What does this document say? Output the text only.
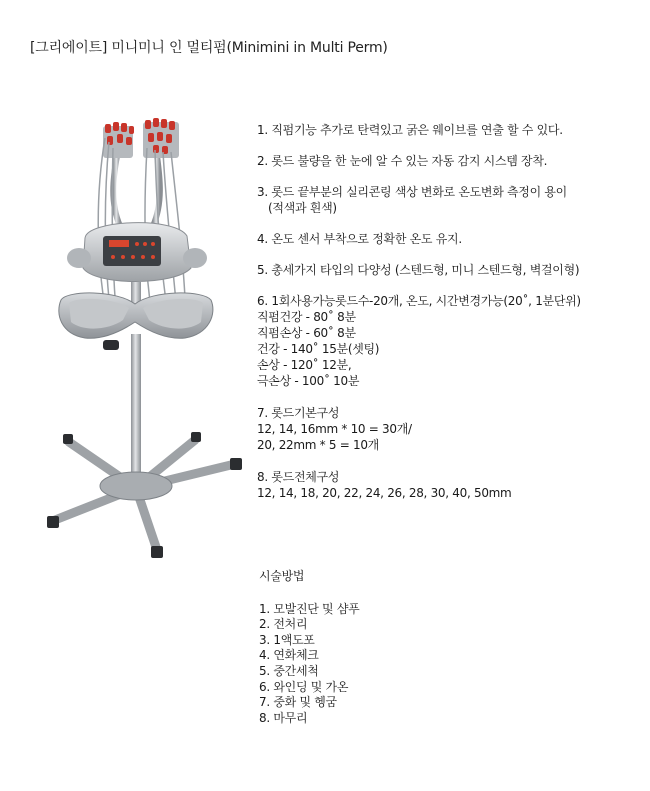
[그리에이트] 미니미니 인 멀티펌(Minimini in Multi Perm)

1. 직펌기능 추가로 탄력있고 굵은 웨이브를 연출 할 수 있다.

2. 롯드 불량을 한 눈에 알 수 있는 자동 감지 시스템 장착.

3. 롯드 끝부분의 실리콘링 색상 변화로 온도변화 측정이 용이

(적색과 흰색)

4. 온도 센서 부착으로 정확한 온도 유지.

5. 총세가지 타입의 다양성 (스텐드형, 미니 스텐드형, 벽걸이형)

6. 1회사용가능롯드수-20개, 온도, 시간변경가능(20˚, 1분단위)

직펌건강 - 80˚ 8분

직펌손상 - 60˚ 8분

건강 - 140˚ 15분(셋팅)

손상 - 120˚ 12분,

극손상 - 100˚ 10분

7. 롯드기본구성

12, 14, 16mm * 10 = 30개/

20, 22mm * 5 = 10개

8. 롯드전체구성

12, 14, 18, 20, 22, 24, 26, 28, 30, 40, 50mm

시술방법

1. 모발진단 및 샴푸

2. 전처리

3. 1액도포

4. 연화체크

5. 중간세척

6. 와인딩 및 가온

7. 중화 및 헹굼

8. 마무리
